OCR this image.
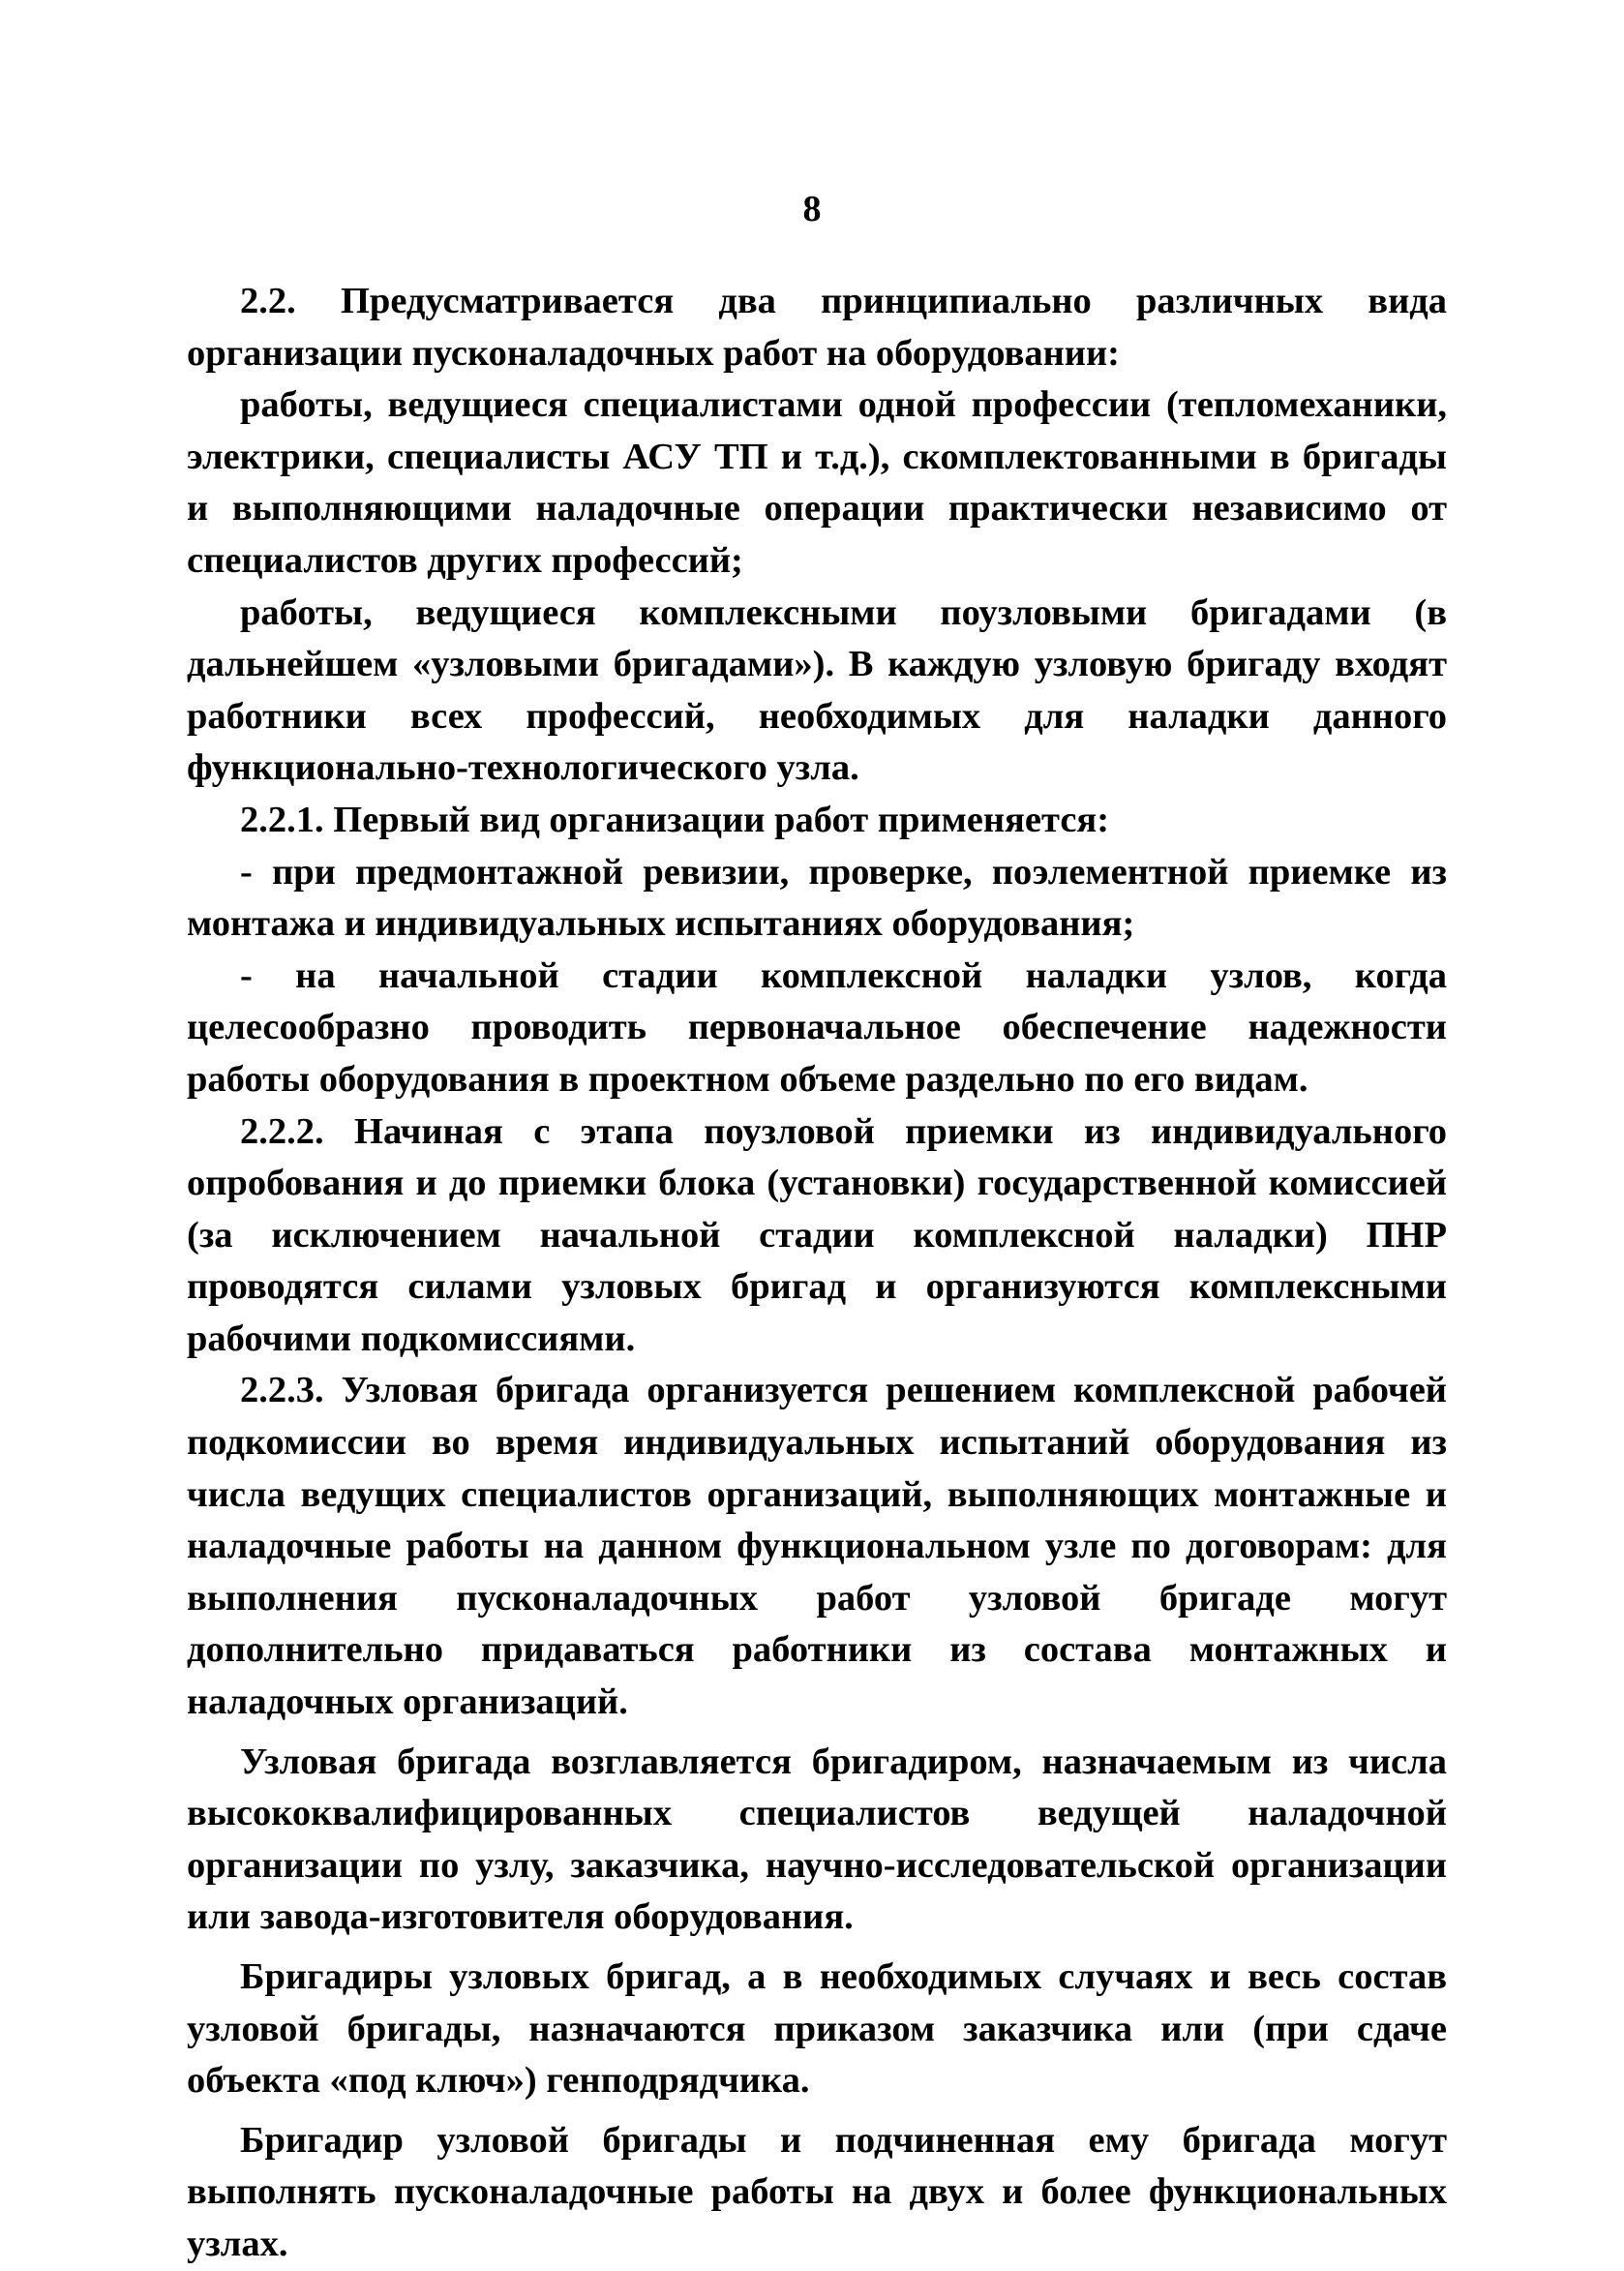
8

2.2. Предусматривается два принципиально различных вида организации пусконаладочных работ на оборудовании:

работы, ведущиеся специалистами одной профессии (тепломеханики, электрики, специалисты АСУ ТП и т.д.), скомплектованными в бригады и выполняющими наладочные операции практически независимо от специалистов других профессий;

работы, ведущиеся комплексными поузловыми бригадами (в дальнейшем «узловыми бригадами»). В каждую узловую бригаду входят работники всех профессий, необходимых для наладки данного функционально-технологического узла.

2.2.1. Первый вид организации работ применяется:

- при предмонтажной ревизии, проверке, поэлементной приемке из монтажа и индивидуальных испытаниях оборудования;

- на начальной стадии комплексной наладки узлов, когда целесообразно проводить первоначальное обеспечение надежности работы оборудования в проектном объеме раздельно по его видам.

2.2.2. Начиная с этапа поузловой приемки из индивидуального опробования и до приемки блока (установки) государственной комиссией (за исключением начальной стадии комплексной наладки) ПНР проводятся силами узловых бригад и организуются комплексными рабочими подкомиссиями.

2.2.3. Узловая бригада организуется решением комплексной рабочей подкомиссии во время индивидуальных испытаний оборудования из числа ведущих специалистов организаций, выполняющих монтажные и наладочные работы на данном функциональном узле по договорам: для выполнения пусконаладочных работ узловой бригаде могут дополнительно придаваться работники из состава монтажных и наладочных организаций.

Узловая бригада возглавляется бригадиром, назначаемым из числа высококвалифицированных специалистов ведущей наладочной организации по узлу, заказчика, научно-исследовательской организации или завода-изготовителя оборудования.

Бригадиры узловых бригад, а в необходимых случаях и весь состав узловой бригады, назначаются приказом заказчика или (при сдаче объекта «под ключ») генподрядчика.

Бригадир узловой бригады и подчиненная ему бригада могут выполнять пусконаладочные работы на двух и более функциональных узлах.
